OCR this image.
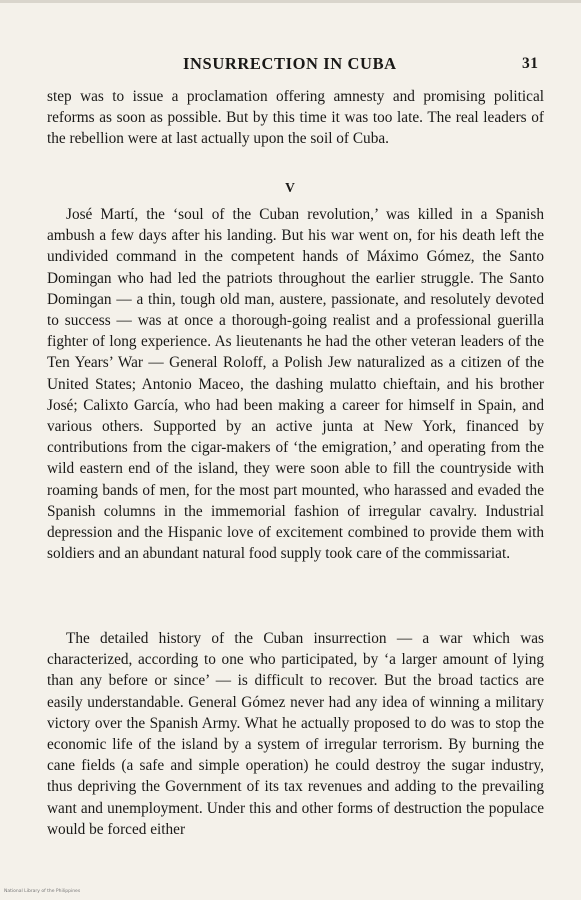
INSURRECTION IN CUBA	31

step was to issue a proclamation offering amnesty and promising political reforms as soon as possible. But by this time it was too late. The real leaders of the rebellion were at last actually upon the soil of Cuba.

V

José Martí, the ‘soul of the Cuban revolution,’ was killed in a Spanish ambush a few days after his landing. But his war went on, for his death left the undivided command in the competent hands of Máximo Gómez, the Santo Domingan who had led the patriots throughout the earlier struggle. The Santo Domingan — a thin, tough old man, austere, passionate, and resolutely devoted to success — was at once a thorough-going realist and a professional guerilla fighter of long experience. As lieutenants he had the other veteran leaders of the Ten Years’ War — General Roloff, a Polish Jew naturalized as a citizen of the United States; Antonio Maceo, the dashing mulatto chieftain, and his brother José; Calixto García, who had been making a career for himself in Spain, and various others. Supported by an active junta at New York, financed by contributions from the cigar-makers of ‘the emigration,’ and operating from the wild eastern end of the island, they were soon able to fill the countryside with roaming bands of men, for the most part mounted, who harassed and evaded the Spanish columns in the immemorial fashion of irregular cavalry. Industrial depression and the Hispanic love of excitement combined to provide them with soldiers and an abundant natural food supply took care of the commissariat.

The detailed history of the Cuban insurrection — a war which was characterized, according to one who participated, by ‘a larger amount of lying than any before or since’ — is difficult to recover. But the broad tactics are easily understandable. General Gómez never had any idea of winning a military victory over the Spanish Army. What he actually proposed to do was to stop the economic life of the island by a system of irregular terrorism. By burning the cane fields (a safe and simple operation) he could destroy the sugar industry, thus depriving the Government of its tax revenues and adding to the prevailing want and unemployment. Under this and other forms of destruction the populace would be forced either

National Library of the Philippines
